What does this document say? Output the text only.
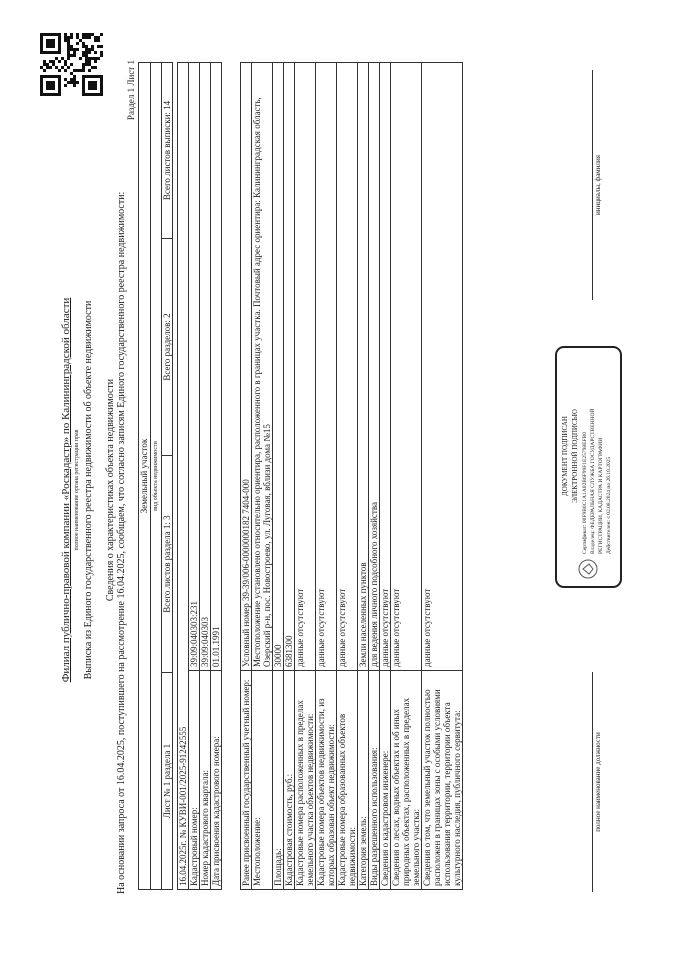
Филиал публично-правовой компании «Роскадастр» по Калининградской области полное наименование органа регистрации прав Выписка из Единого государственного реестра недвижимости об объекте недвижимости Сведения о характеристиках объекта недвижимости На основании запроса от 16.04.2025, поступившего на рассмотрение 16.04.2025, сообщаем, что согласно записям Единого государственного реестра недвижимости:
Раздел 1 Лист 1
Земельный участок
вид объекта недвижимости
Лист № 1 раздела 1	Всего листов раздела 1: 3	Всего разделов: 2	Всего листов выписки: 14
16.04.2025г. № КУВИ-001/2025-91242555	
Кадастровый номер:	39:09:040303:231
Номер кадастрового квартала:	39:09:040303
Дата присвоения кадастрового номера:	01.01.1991
Ранее присвоенный государственный учетный номер:	Условный номер 39-39/006-0000000182 7404-000
Местоположение:	Местоположение установлено относительно ориентира, расположенного в границах участка. Почтовый адрес ориентира: Калининградская область, Озерский р-н, пос. Новостроево, ул. Луговая, вблизи дома №15
Площадь:	30000
Кадастровая стоимость, руб.:	6381300
Кадастровые номера расположенных в пределах земельного участка объектов недвижимости:	данные отсутствуют
Кадастровые номера объектов недвижимости, из которых образован объект недвижимости:	данные отсутствуют
Кадастровые номера образованных объектов недвижимости:	данные отсутствуют
Категория земель:	Земли населенных пунктов
Виды разрешенного использования:	для ведения личного подсобного хозяйства
Сведения о кадастровом инженере:	данные отсутствуют
Сведения о лесах, водных объектах и об иных природных объектах, расположенных в пределах земельного участка:	данные отсутствуют
Сведения о том, что земельный участок полностью расположен в границах зоны с особыми условиями использования территории, территории объекта культурного наследия, публичного сервитута:	данные отсутствуют
ДОКУМЕНТ ПОДПИСАН ЭЛЕКТРОННОЙ ПОДПИСЬЮ Сертификат: 00F9B0C1A1A02B6F99F1E25798EFB0 Владелец: ФЕДЕРАЛЬНАЯ СЛУЖБА ГОСУДАРСТВЕННОЙ РЕГИСТРАЦИИ, КАДАСТРА И КАРТОГРАФИИ Действителен: с 02.08.2024 по 26.10.2025
полное наименование должности
инициалы, фамилия
